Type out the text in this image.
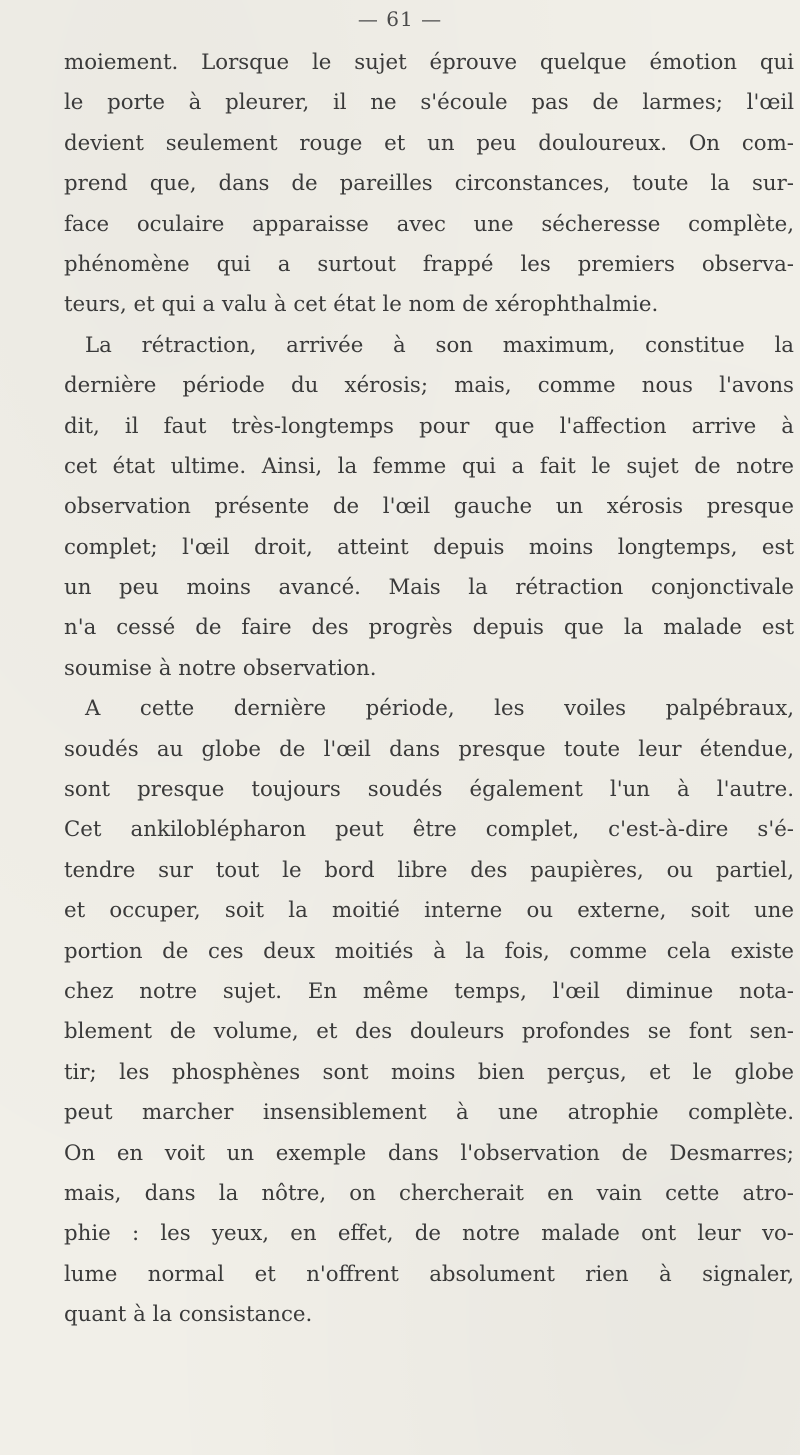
— 61 —
moiement. Lorsque le sujet éprouve quelque émotion qui
le porte à pleurer, il ne s'écoule pas de larmes; l'œil
devient seulement rouge et un peu douloureux. On com-
prend que, dans de pareilles circonstances, toute la sur-
face oculaire apparaisse avec une sécheresse complète,
phénomène qui a surtout frappé les premiers observa-
teurs, et qui a valu à cet état le nom de xérophthalmie.
La rétraction, arrivée à son maximum, constitue la
dernière période du xérosis; mais, comme nous l'avons
dit, il faut très-longtemps pour que l'affection arrive à
cet état ultime. Ainsi, la femme qui a fait le sujet de notre
observation présente de l'œil gauche un xérosis presque
complet; l'œil droit, atteint depuis moins longtemps, est
un peu moins avancé. Mais la rétraction conjonctivale
n'a cessé de faire des progrès depuis que la malade est
soumise à notre observation.
A cette dernière période, les voiles palpébraux,
soudés au globe de l'œil dans presque toute leur étendue,
sont presque toujours soudés également l'un à l'autre.
Cet ankiloblépharon peut être complet, c'est-à-dire s'é-
tendre sur tout le bord libre des paupières, ou partiel,
et occuper, soit la moitié interne ou externe, soit une
portion de ces deux moitiés à la fois, comme cela existe
chez notre sujet. En même temps, l'œil diminue nota-
blement de volume, et des douleurs profondes se font sen-
tir; les phosphènes sont moins bien perçus, et le globe
peut marcher insensiblement à une atrophie complète.
On en voit un exemple dans l'observation de Desmarres;
mais, dans la nôtre, on chercherait en vain cette atro-
phie : les yeux, en effet, de notre malade ont leur vo-
lume normal et n'offrent absolument rien à signaler,
quant à la consistance.
